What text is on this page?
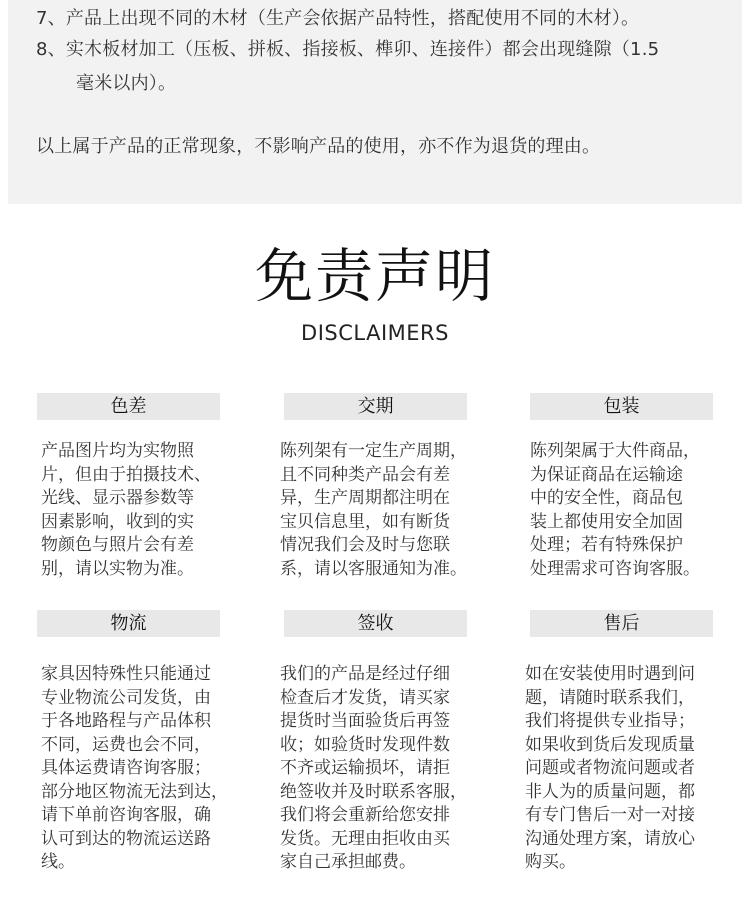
7、产品上出现不同的木材（生产会依据产品特性，搭配使用不同的木材）。
8、实木板材加工（压板、拼板、指接板、榫卯、连接件）都会出现缝隙（1.5
毫米以内）。
以上属于产品的正常现象，不影响产品的使用，亦不作为退货的理由。
免责声明
DISCLAIMERS
色差	交期	包装
产品图片均为实物照
片，但由于拍摄技术、
光线、显示器参数等
因素影响，收到的实
物颜色与照片会有差
别，请以实物为准。
陈列架有一定生产周期，
且不同种类产品会有差
异，生产周期都注明在
宝贝信息里，如有断货
情况我们会及时与您联
系，请以客服通知为准。
陈列架属于大件商品，
为保证商品在运输途
中的安全性，商品包
装上都使用安全加固
处理；若有特殊保护
处理需求可咨询客服。
物流	签收	售后
家具因特殊性只能通过
专业物流公司发货，由
于各地路程与产品体积
不同，运费也会不同，
具体运费请咨询客服；
部分地区物流无法到达，
请下单前咨询客服，确
认可到达的物流运送路
线。
我们的产品是经过仔细
检查后才发货，请买家
提货时当面验货后再签
收；如验货时发现件数
不齐或运输损坏，请拒
绝签收并及时联系客服，
我们将会重新给您安排
发货。无理由拒收由买
家自己承担邮费。
如在安装使用时遇到问
题，请随时联系我们，
我们将提供专业指导；
如果收到货后发现质量
问题或者物流问题或者
非人为的质量问题，都
有专门售后一对一对接
沟通处理方案，请放心
购买。
